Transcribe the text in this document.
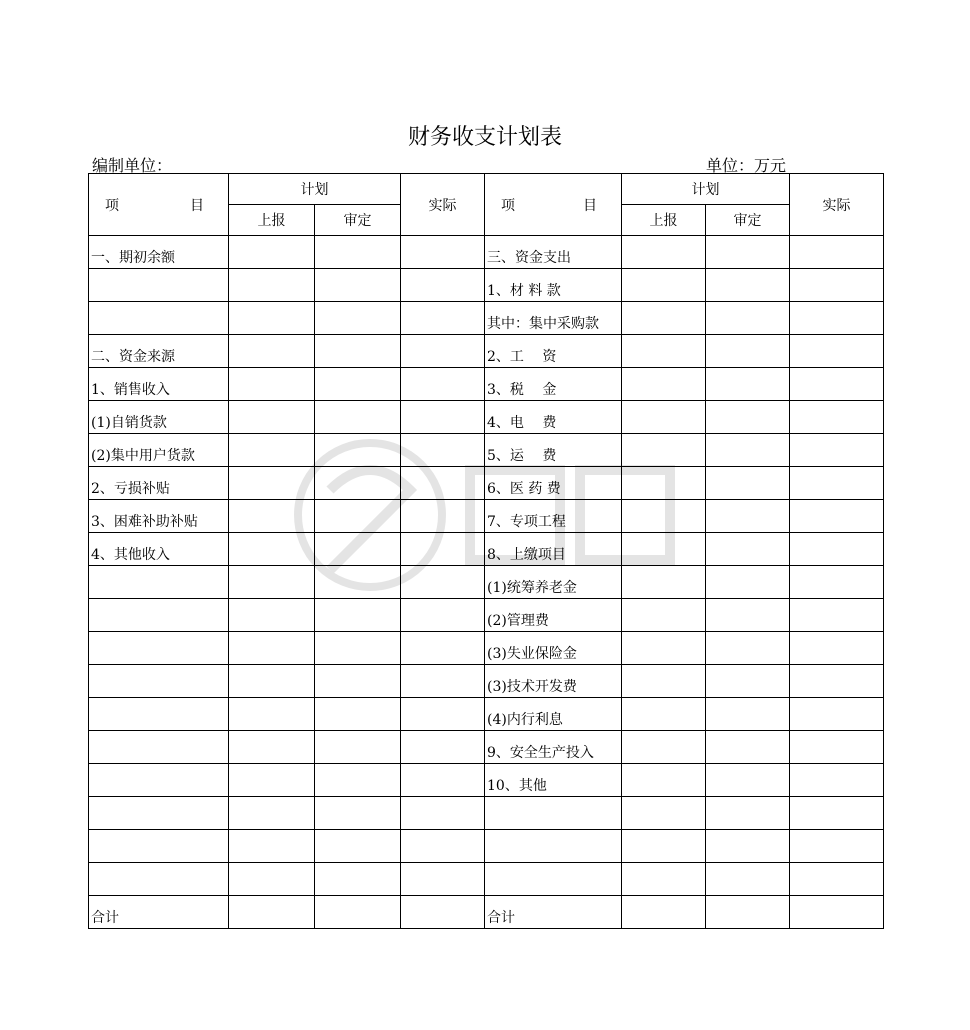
财务收支计划表
编制单位：	单位：万元
项 目	计划		实际	项 目	计划		实际
	上报	审定			上报	审定	
一、期初余额				三、资金支出			
				1、材 料 款			
				其中：集中采购款			
二、资金来源				2、工　 资			
1、销售收入				3、税　 金			
(1)自销货款				4、电　 费			
(2)集中用户货款				5、运　 费			
2、亏损补贴				6、医 药 费			
3、困难补助补贴				7、专项工程			
4、其他收入				8、上缴项目			
				(1)统筹养老金			
				(2)管理费			
				(3)失业保险金			
				(3)技术开发费			
				(4)内行利息			
				9、安全生产投入			
				10、其他			

合计				合计			
